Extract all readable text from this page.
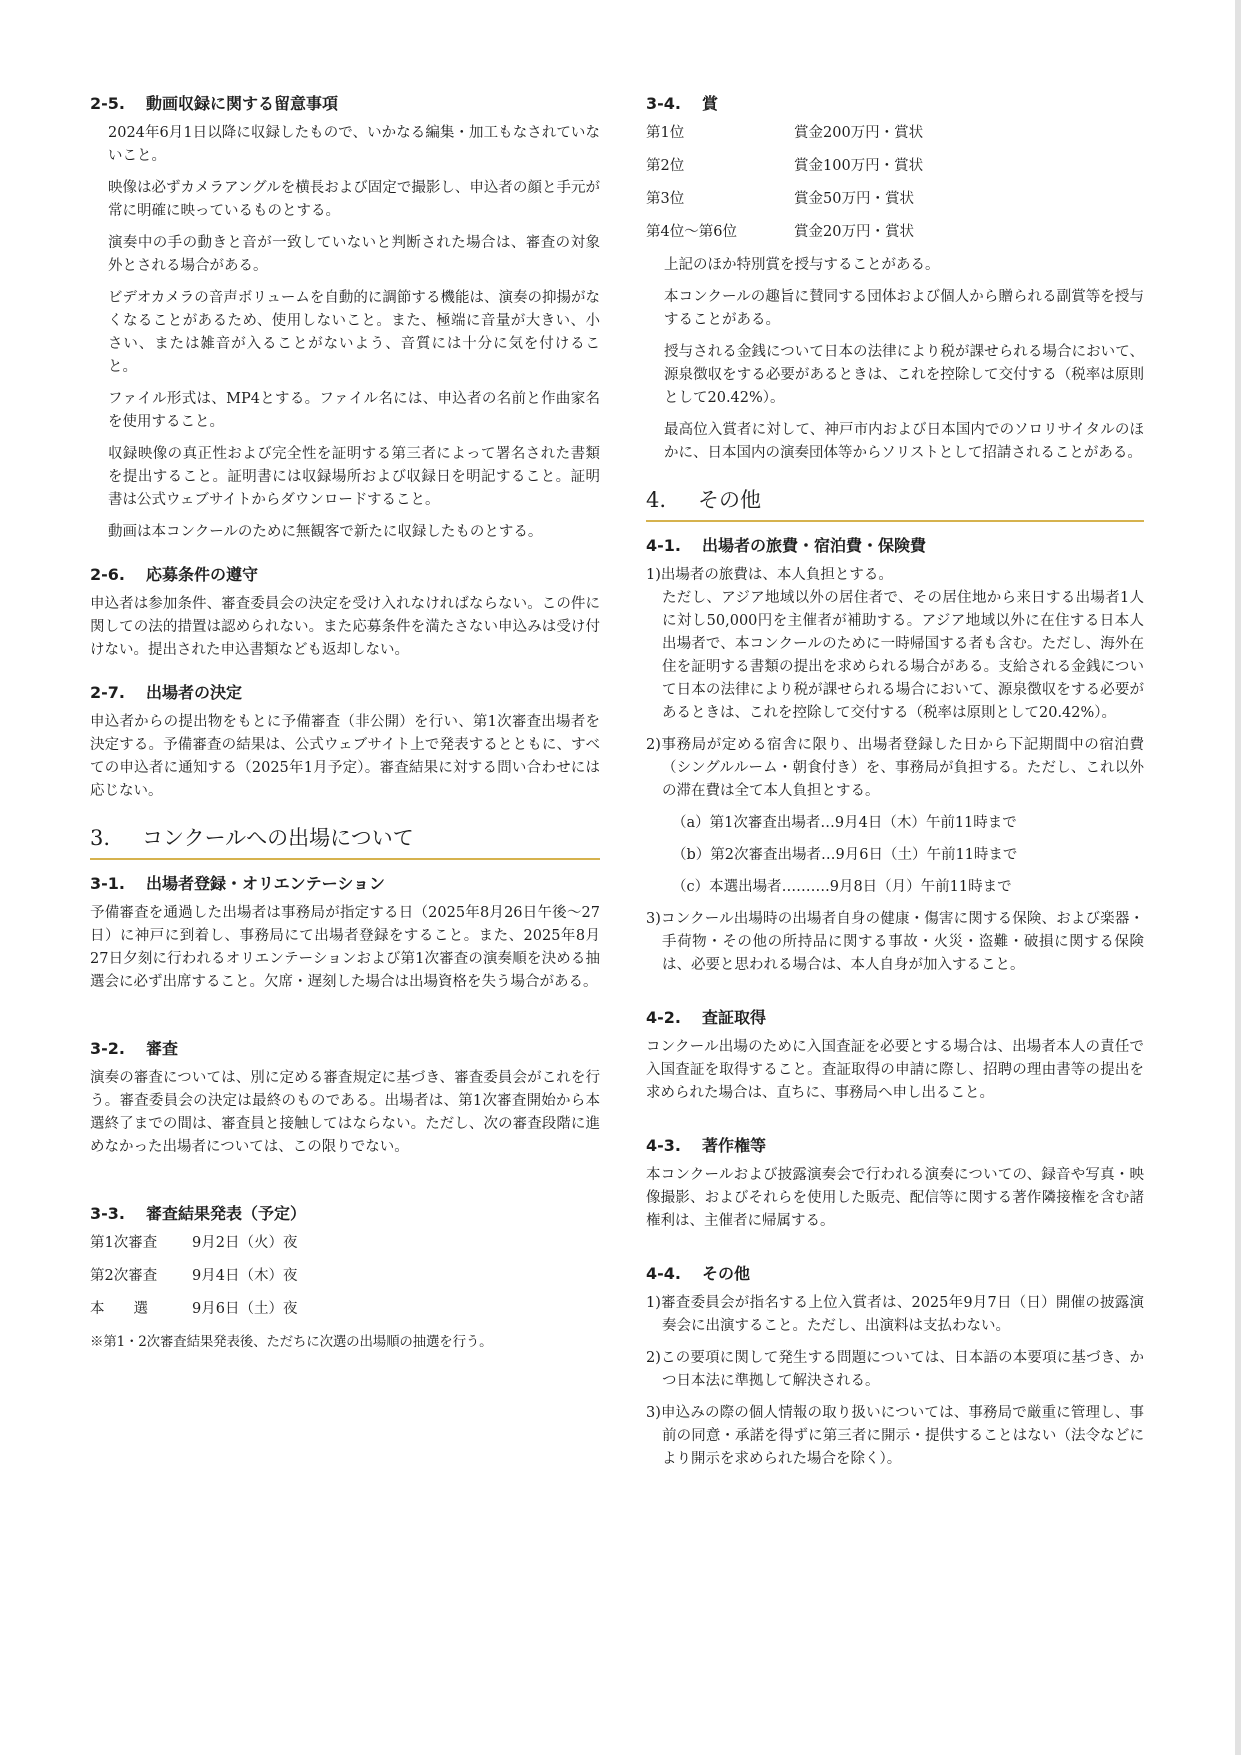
2-5. 動画収録に関する留意事項

2024年6月1日以降に収録したもので、いかなる編集・加工もなされていないこと。

映像は必ずカメラアングルを横長および固定で撮影し、申込者の顔と手元が常に明確に映っているものとする。

演奏中の手の動きと音が一致していないと判断された場合は、審査の対象外とされる場合がある。

ビデオカメラの音声ボリュームを自動的に調節する機能は、演奏の抑揚がなくなることがあるため、使用しないこと。また、極端に音量が大きい、小さい、または雑音が入ることがないよう、音質には十分に気を付けること。

ファイル形式は、MP4とする。ファイル名には、申込者の名前と作曲家名を使用すること。

収録映像の真正性および完全性を証明する第三者によって署名された書類を提出すること。証明書には収録場所および収録日を明記すること。証明書は公式ウェブサイトからダウンロードすること。

動画は本コンクールのために無観客で新たに収録したものとする。

2-6. 応募条件の遵守

申込者は参加条件、審査委員会の決定を受け入れなければならない。この件に関しての法的措置は認められない。また応募条件を満たさない申込みは受け付けない。提出された申込書類なども返却しない。

2-7. 出場者の決定

申込者からの提出物をもとに予備審査（非公開）を行い、第1次審査出場者を決定する。予備審査の結果は、公式ウェブサイト上で発表するとともに、すべての申込者に通知する（2025年1月予定）。審査結果に対する問い合わせには応じない。

3. コンクールへの出場について
3-1. 出場者登録・オリエンテーション

予備審査を通過した出場者は事務局が指定する日（2025年8月26日午後～27日）に神戸に到着し、事務局にて出場者登録をすること。また、2025年8月27日夕刻に行われるオリエンテーションおよび第1次審査の演奏順を決める抽選会に必ず出席すること。欠席・遅刻した場合は出場資格を失う場合がある。

3-2. 審査

演奏の審査については、別に定める審査規定に基づき、審査委員会がこれを行う。審査委員会の決定は最終のものである。出場者は、第1次審査開始から本選終了までの間は、審査員と接触してはならない。ただし、次の審査段階に進めなかった出場者については、この限りでない。

3-3. 審査結果発表（予定）
第1次審査	9月2日（火）夜
第2次審査	9月4日（木）夜
本　　選	9月6日（土）夜

※第1・2次審査結果発表後、ただちに次選の出場順の抽選を行う。

3-4. 賞
第1位	賞金200万円・賞状
第2位	賞金100万円・賞状
第3位	賞金50万円・賞状
第4位～第6位	賞金20万円・賞状

上記のほか特別賞を授与することがある。

本コンクールの趣旨に賛同する団体および個人から贈られる副賞等を授与することがある。

授与される金銭について日本の法律により税が課せられる場合において、源泉徴収をする必要があるときは、これを控除して交付する（税率は原則として20.42%）。

最高位入賞者に対して、神戸市内および日本国内でのソロリサイタルのほかに、日本国内の演奏団体等からソリストとして招請されることがある。

4. その他
4-1. 出場者の旅費・宿泊費・保険費

1)出場者の旅費は、本人負担とする。

ただし、アジア地域以外の居住者で、その居住地から来日する出場者1人に対し50,000円を主催者が補助する。アジア地域以外に在住する日本人出場者で、本コンクールのために一時帰国する者も含む。ただし、海外在住を証明する書類の提出を求められる場合がある。支給される金銭について日本の法律により税が課せられる場合において、源泉徴収をする必要があるときは、これを控除して交付する（税率は原則として20.42%）。

2)事務局が定める宿舎に限り、出場者登録した日から下記期間中の宿泊費（シングルルーム・朝食付き）を、事務局が負担する。ただし、これ以外の滞在費は全て本人負担とする。

（a）第1次審査出場者…9月4日（木）午前11時まで

（b）第2次審査出場者…9月6日（土）午前11時まで

（c）本選出場者……….9月8日（月）午前11時まで

3)コンクール出場時の出場者自身の健康・傷害に関する保険、および楽器・手荷物・その他の所持品に関する事故・火災・盗難・破損に関する保険は、必要と思われる場合は、本人自身が加入すること。

4-2. 査証取得

コンクール出場のために入国査証を必要とする場合は、出場者本人の責任で入国査証を取得すること。査証取得の申請に際し、招聘の理由書等の提出を求められた場合は、直ちに、事務局へ申し出ること。

4-3. 著作権等

本コンクールおよび披露演奏会で行われる演奏についての、録音や写真・映像撮影、およびそれらを使用した販売、配信等に関する著作隣接権を含む諸権利は、主催者に帰属する。

4-4. その他

1)審査委員会が指名する上位入賞者は、2025年9月7日（日）開催の披露演奏会に出演すること。ただし、出演料は支払わない。

2)この要項に関して発生する問題については、日本語の本要項に基づき、かつ日本法に準拠して解決される。

3)申込みの際の個人情報の取り扱いについては、事務局で厳重に管理し、事前の同意・承諾を得ずに第三者に開示・提供することはない（法令などにより開示を求められた場合を除く）。
